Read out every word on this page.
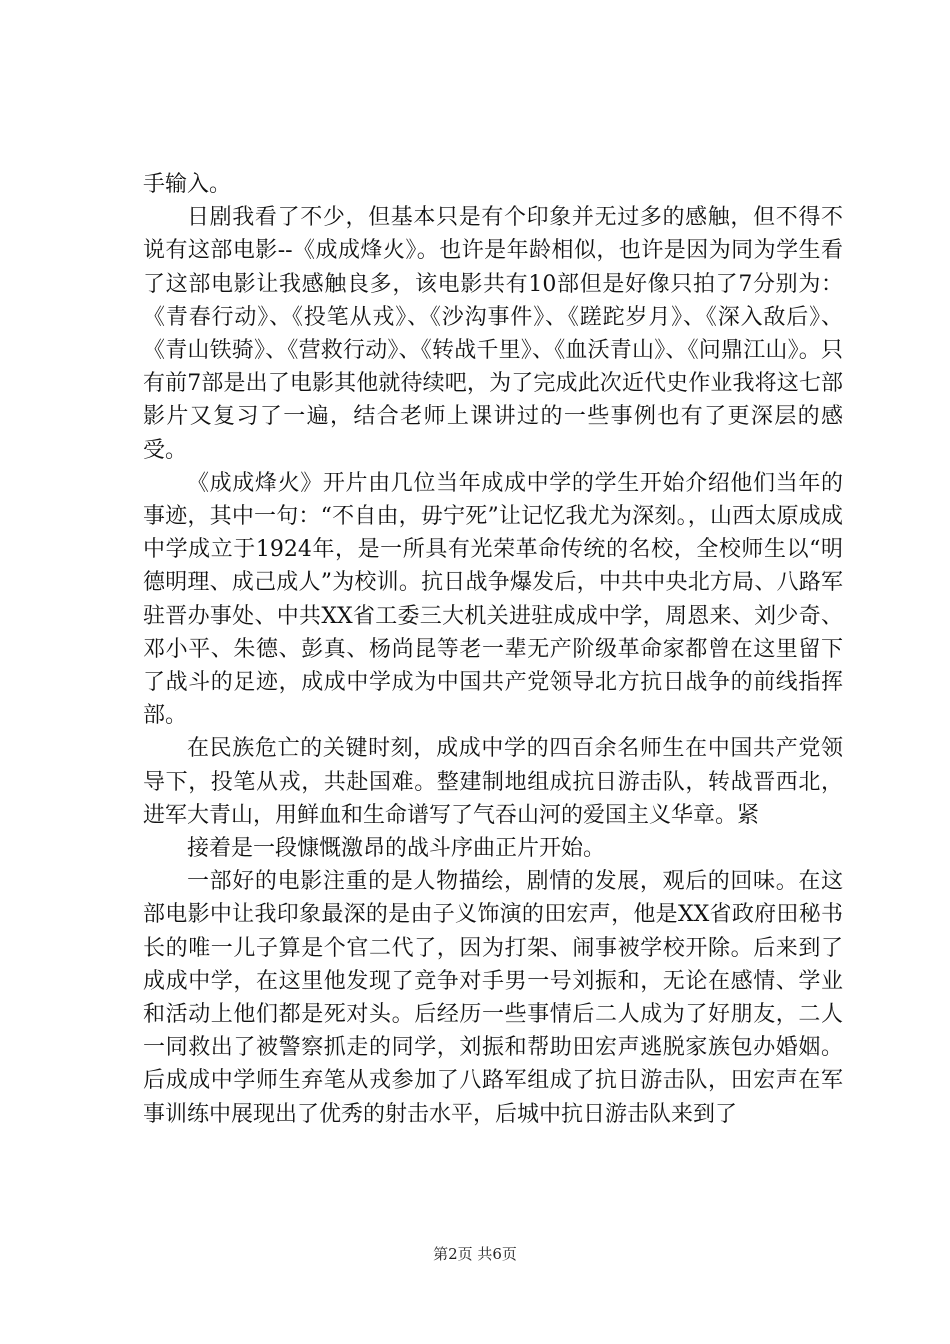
手输入。

日剧我看了不少，但基本只是有个印象并无过多的感触，但不得不说有这部电影--《成成烽火》。也许是年龄相似，也许是因为同为学生看了这部电影让我感触良多，该电影共有10部但是好像只拍了7分别为：《青春行动》、《投笔从戎》、《沙沟事件》、《蹉跎岁月》、《深入敌后》、《青山铁骑》、《营救行动》、《转战千里》、《血沃青山》、《问鼎江山》。只有前7部是出了电影其他就待续吧，为了完成此次近代史作业我将这七部影片又复习了一遍，结合老师上课讲过的一些事例也有了更深层的感受。

《成成烽火》开片由几位当年成成中学的学生开始介绍他们当年的事迹，其中一句：“不自由，毋宁死”让记忆我尤为深刻。，山西太原成成中学成立于1924年，是一所具有光荣革命传统的名校，全校师生以“明德明理、成己成人”为校训。抗日战争爆发后，中共中央北方局、八路军驻晋办事处、中共XX省工委三大机关进驻成成中学，周恩来、刘少奇、邓小平、朱德、彭真、杨尚昆等老一辈无产阶级革命家都曾在这里留下了战斗的足迹，成成中学成为中国共产党领导北方抗日战争的前线指挥部。

在民族危亡的关键时刻，成成中学的四百余名师生在中国共产党领导下，投笔从戎，共赴国难。整建制地组成抗日游击队，转战晋西北，进军大青山，用鲜血和生命谱写了气吞山河的爱国主义华章。紧

接着是一段慷慨激昂的战斗序曲正片开始。

一部好的电影注重的是人物描绘，剧情的发展，观后的回味。在这部电影中让我印象最深的是由子义饰演的田宏声，他是XX省政府田秘书长的唯一儿子算是个官二代了，因为打架、闹事被学校开除。后来到了成成中学，在这里他发现了竞争对手男一号刘振和，无论在感情、学业和活动上他们都是死对头。后经历一些事情后二人成为了好朋友，二人一同救出了被警察抓走的同学，刘振和帮助田宏声逃脱家族包办婚姻。后成成中学师生弃笔从戎参加了八路军组成了抗日游击队，田宏声在军事训练中展现出了优秀的射击水平，后城中抗日游击队来到了

第2页 共6页
